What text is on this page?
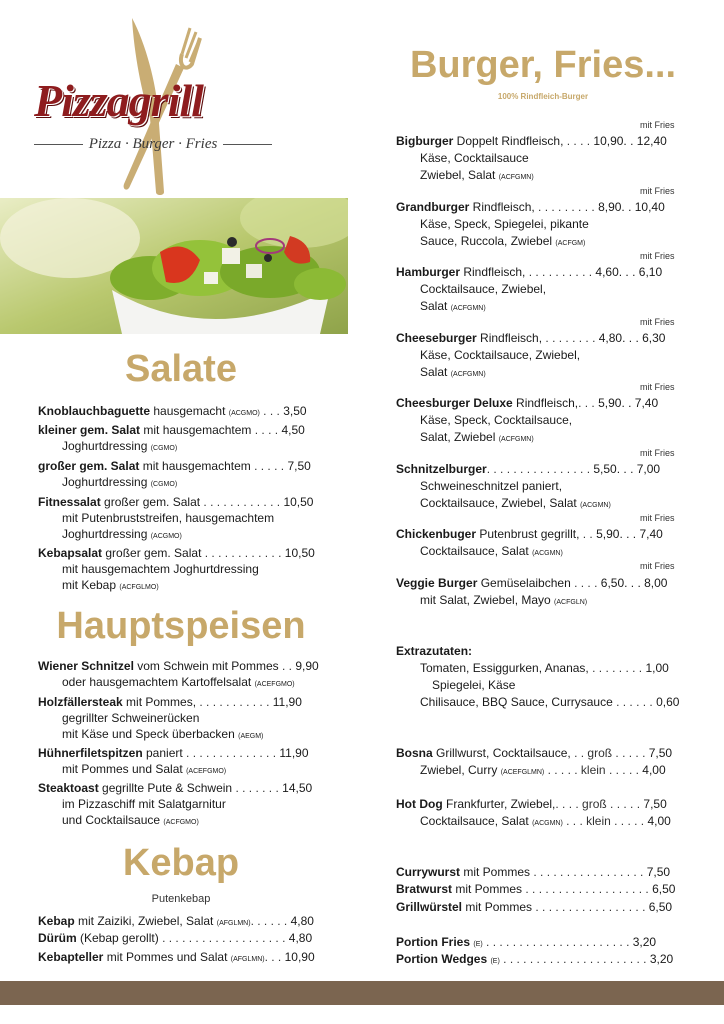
Pizzagrill
Pizza · Burger · Fries
Salate
Knoblauchbaguette hausgemacht (ACGMO) . . . 3,50
kleiner gem. Salat mit hausgemachtem . . . . 4,50
Joghurtdressing (CGMO)
großer gem. Salat mit hausgemachtem . . . . . 7,50
Joghurtdressing (CGMO)
Fitnessalat großer gem. Salat . . . . . . . . . . . . 10,50
mit Putenbruststreifen, hausgemachtem
Joghurtdressing (ACGMO)
Kebapsalat großer gem. Salat . . . . . . . . . . . . 10,50
mit hausgemachtem Joghurtdressing
mit Kebap (ACFGLMO)
Hauptspeisen
Wiener Schnitzel vom Schwein mit Pommes . . 9,90
oder hausgemachtem Kartoffelsalat (ACEFGMO)
Holzfällersteak mit Pommes, . . . . . . . . . . . 11,90
gegrillter Schweinerücken
mit Käse und Speck überbacken (AEGM)
Hühnerfiletspitzen paniert . . . . . . . . . . . . . . 11,90
mit Pommes und Salat (ACEFGMO)
Steaktoast gegrillte Pute & Schwein . . . . . . . 14,50
im Pizzaschiff mit Salatgarnitur
und Cocktailsauce (ACFGMO)
Kebap
Putenkebap
Kebap mit Zaiziki, Zwiebel, Salat (AFGLMN). . . . . . 4,80
Dürüm (Kebap gerollt) . . . . . . . . . . . . . . . . . . . 4,80
Kebapteller mit Pommes und Salat (AFGLMN). . . 10,90
Burger, Fries...
100% Rindfleich-Burger
mit Fries
Bigburger Doppelt Rindfleisch, . . . . 10,90. . 12,40
Käse, Cocktailsauce
Zwiebel, Salat (ACFGMN)
mit Fries
Grandburger Rindfleisch, . . . . . . . . . 8,90. . 10,40
Käse, Speck, Spiegelei, pikante
Sauce, Ruccola, Zwiebel (ACFGM)
mit Fries
Hamburger Rindfleisch, . . . . . . . . . . 4,60. . . 6,10
Cocktailsauce, Zwiebel,
Salat (ACFGMN)
mit Fries
Cheeseburger Rindfleisch, . . . . . . . . 4,80. . . 6,30
Käse, Cocktailsauce, Zwiebel,
Salat (ACFGMN)
mit Fries
Cheesburger Deluxe Rindfleisch,. . . 5,90. . 7,40
Käse, Speck, Cocktailsauce,
Salat, Zwiebel (ACFGMN)
mit Fries
Schnitzelburger. . . . . . . . . . . . . . . . 5,50. . . 7,00
Schweineschnitzel paniert,
Cocktailsauce, Zwiebel, Salat (ACGMN)
mit Fries
Chickenbuger Putenbrust gegrillt, . . 5,90. . . 7,40
Cocktailsauce, Salat (ACGMN)
mit Fries
Veggie Burger Gemüselaibchen . . . . 6,50. . . 8,00
mit Salat, Zwiebel, Mayo (ACFGLN)
Extrazutaten:
Tomaten, Essiggurken, Ananas, . . . . . . . . 1,00
Spiegelei, Käse
Chilisauce, BBQ Sauce, Currysauce . . . . . . 0,60
Bosna Grillwurst, Cocktailsauce, . . groß . . . . . 7,50
Zwiebel, Curry (ACEFGLMN) . . . . . klein . . . . . 4,00
Hot Dog Frankfurter, Zwiebel,. . . . groß . . . . . 7,50
Cocktailsauce, Salat (ACGMN) . . . klein . . . . . 4,00
Currywurst mit Pommes . . . . . . . . . . . . . . . . . 7,50
Bratwurst mit Pommes . . . . . . . . . . . . . . . . . . . 6,50
Grillwürstel mit Pommes . . . . . . . . . . . . . . . . . 6,50
Portion Fries (E) . . . . . . . . . . . . . . . . . . . . . . 3,20
Portion Wedges (E) . . . . . . . . . . . . . . . . . . . . . . 3,20
